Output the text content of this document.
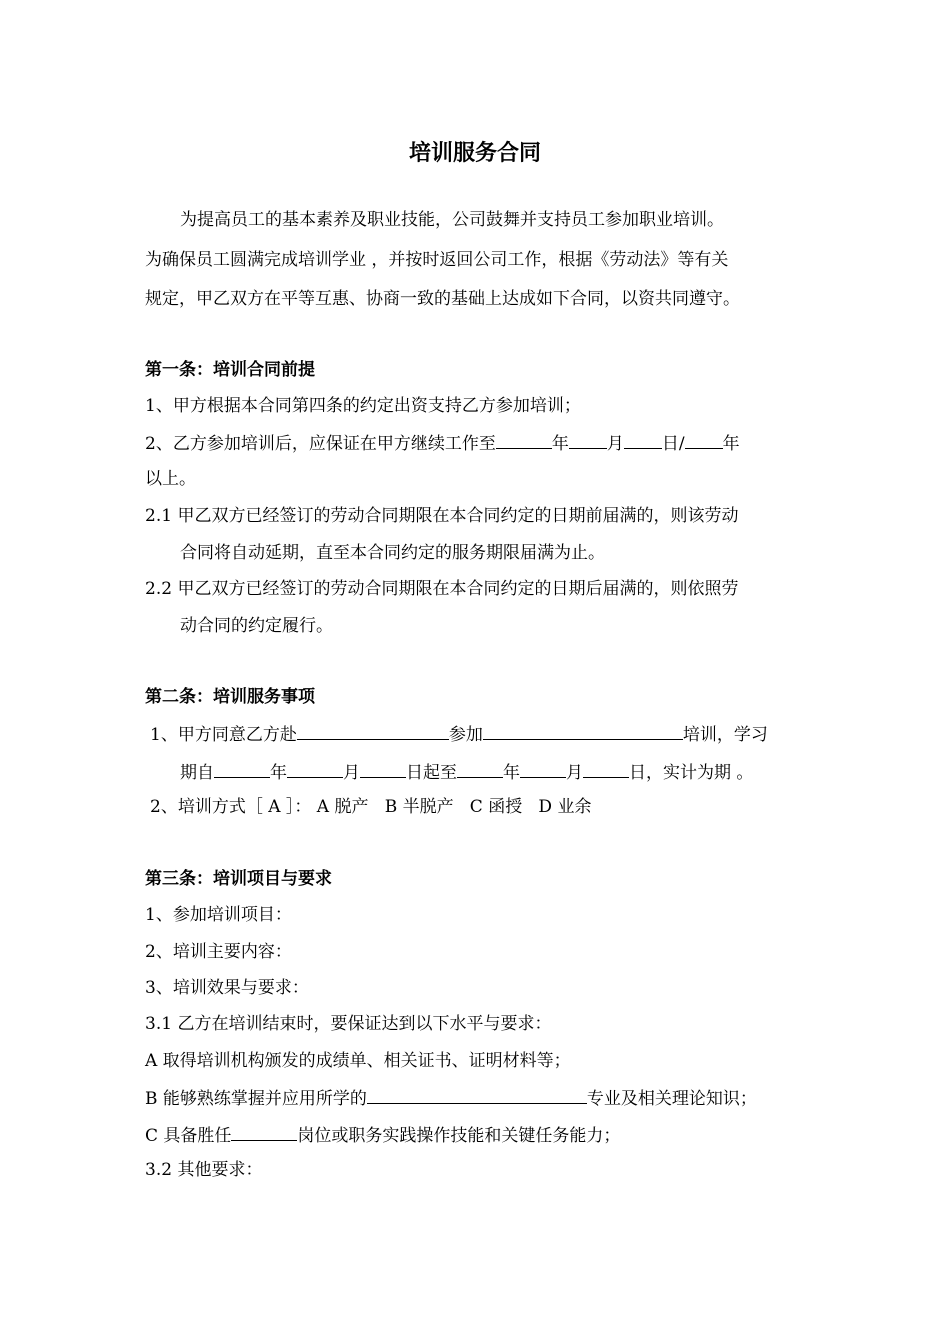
培训服务合同
为提高员工的基本素养及职业技能，公司鼓舞并支持员工参加职业培训。
为确保员工圆满完成培训学业 ，并按时返回公司工作，根据《劳动法》等有关
规定，甲乙双方在平等互惠、协商一致的基础上达成如下合同，以资共同遵守。
第一条：培训合同前提
1、甲方根据本合同第四条的约定出资支持乙方参加培训；
2、乙方参加培训后，应保证在甲方继续工作至	年 月 日/ 年
以上。
2.1 甲乙双方已经签订的劳动合同期限在本合同约定的日期前届满的，则该劳动
合同将自动延期，直至本合同约定的服务期限届满为止。
2.2 甲乙双方已经签订的劳动合同期限在本合同约定的日期后届满的，则依照劳
动合同的约定履行。
第二条：培训服务事项
1、甲方同意乙方赴	参加	培训，学习
期自	年	月	日起至	年	月	日，实计为期 。
2、培训方式［ A ］： A 脱产   B 半脱产   C 函授   D 业余
第三条：培训项目与要求
1、参加培训项目：
2、培训主要内容：
3、培训效果与要求：
3.1 乙方在培训结束时，要保证达到以下水平与要求：
A 取得培训机构颁发的成绩单、相关证书、证明材料等；
B 能够熟练掌握并应用所学的	专业及相关理论知识；
C 具备胜任	岗位或职务实践操作技能和关键任务能力；
3.2 其他要求：
